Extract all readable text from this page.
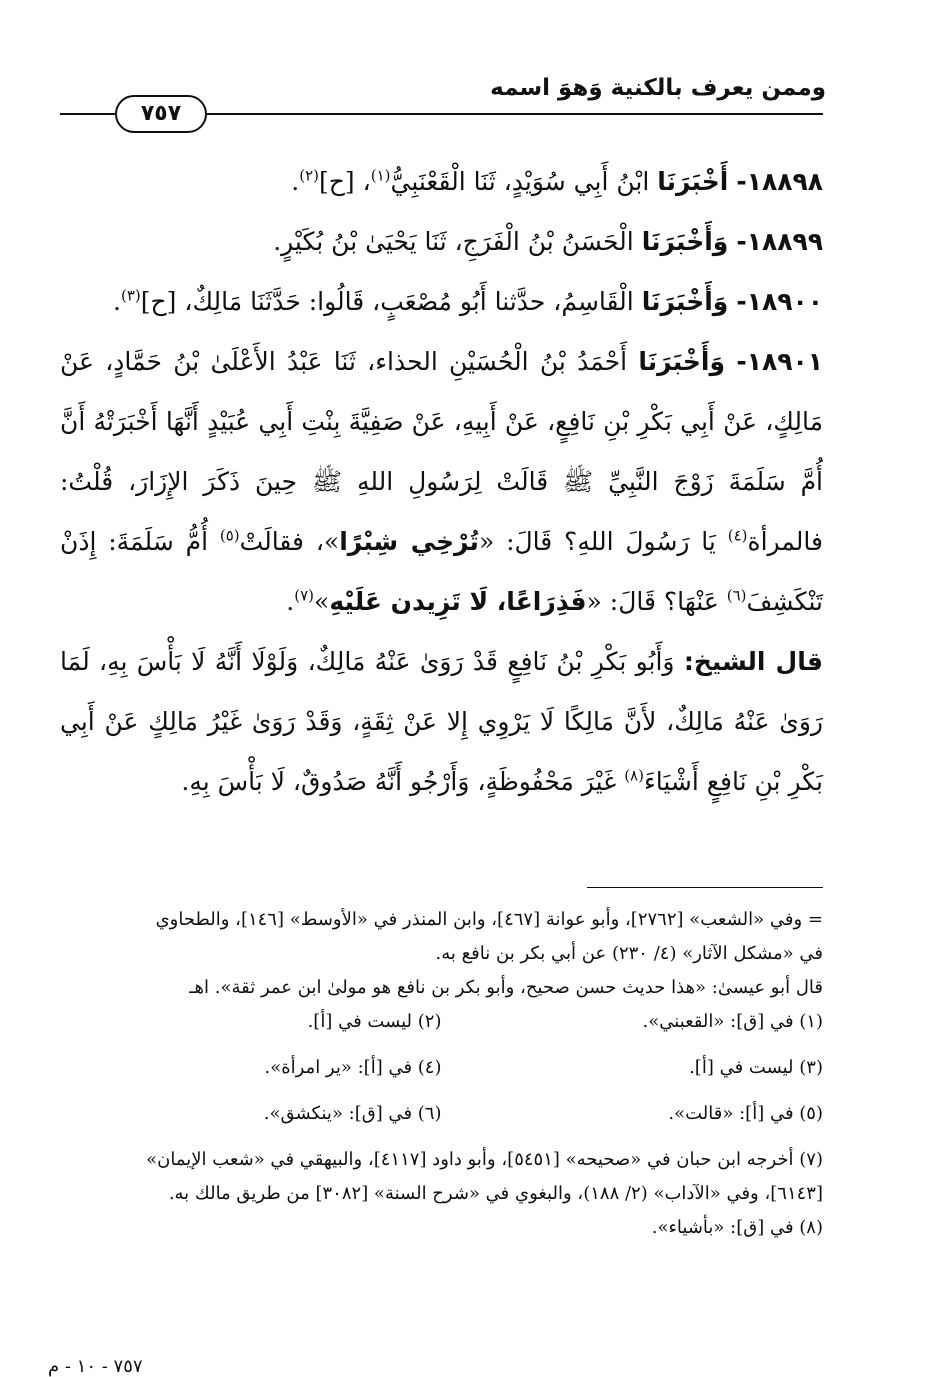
وممن يعرف بالكنية وَهوَ اسمه
٧٥٧

١٨٨٩٨- أَخْبَرَنَا ابْنُ أَبِي سُوَيْدٍ، ثَنَا الْقَعْنَبِيُّ$^{(١)}$، [ح]$^{(٢)}$.

١٨٨٩٩- وَأَخْبَرَنَا الْحَسَنُ بْنُ الْفَرَجِ، ثَنَا يَحْيَىٰ بْنُ بُكَيْرٍ.

١٨٩٠٠- وَأَخْبَرَنَا الْقَاسِمُ، حدَّثنا أَبُو مُصْعَبٍ، قَالُوا: حَدَّثَنَا مَالِكٌ، [ح]$^{(٣)}$.

١٨٩٠١- وَأَخْبَرَنَا أَحْمَدُ بْنُ الْحُسَيْنِ الحذاء، ثَنَا عَبْدُ الأَعْلَىٰ بْنُ حَمَّادٍ، عَنْ مَالِكٍ، عَنْ أَبِي بَكْرِ بْنِ نَافِعٍ، عَنْ أَبِيهِ، عَنْ صَفِيَّةَ بِنْتِ أَبِي عُبَيْدٍ أَنَّهَا أَخْبَرَتْهُ أَنَّ أُمَّ سَلَمَةَ زَوْجَ النَّبِيِّ ﷺ قَالَتْ لِرَسُولِ اللهِ ﷺ حِينَ ذَكَرَ الإِزَارَ، قُلْتُ: فالمرأة$^{(٤)}$ يَا رَسُولَ اللهِ؟ قَالَ: «تُرْخِي شِبْرًا»، فقالَتْ$^{(٥)}$ أُمُّ سَلَمَةَ: إِذَنْ تَنْكَشِفَ$^{(٦)}$ عَنْهَا؟ قَالَ: «فَذِرَاعًا، لَا تَزِيدن عَلَيْهِ»$^{(٧)}$.

قال الشيخ: وَأَبُو بَكْرِ بْنُ نَافِعٍ قَدْ رَوَىٰ عَنْهُ مَالِكٌ، وَلَوْلَا أَنَّهُ لَا بَأْسَ بِهِ، لَمَا رَوَىٰ عَنْهُ مَالِكٌ، لأَنَّ مَالِكًا لَا يَرْوِي إِلا عَنْ ثِقَةٍ، وَقَدْ رَوَىٰ غَيْرُ مَالِكٍ عَنْ أَبِي بَكْرِ بْنِ نَافِعٍ أَشْيَاءَ$^{(٨)}$ غَيْرَ مَحْفُوظَةٍ، وَأَرْجُو أَنَّهُ صَدُوقٌ، لَا بَأْسَ بِهِ.

= وفي «الشعب» [٢٧٦٢]، وأبو عوانة [٤٦٧]، وابن المنذر في «الأوسط» [١٤٦]، والطحاوي

في «مشكل الآثار» (٤/ ٢٣٠) عن أبي بكر بن نافع به.

قال أبو عيسىٰ: «هذا حديث حسن صحيح، وأبو بكر بن نافع هو مولىٰ ابن عمر ثقة». اهـ

(١) في [ق]: «القعبني».
(٢) ليست في [أ].
(٣) ليست في [أ].
(٤) في [أ]: «ير امرأة».
(٥) في [أ]: «قالت».
(٦) في [ق]: «ينكشق».

(٧) أخرجه ابن حبان في «صحيحه» [٥٤٥١]، وأبو داود [٤١١٧]، والبيهقي في «شعب الإيمان»

[٦١٤٣]، وفي «الآداب» (٢/ ١٨٨)، والبغوي في «شرح السنة» [٣٠٨٢] من طريق مالك به.

(٨) في [ق]: «بأشياء».

٧٥٧ - ١٠ - م
